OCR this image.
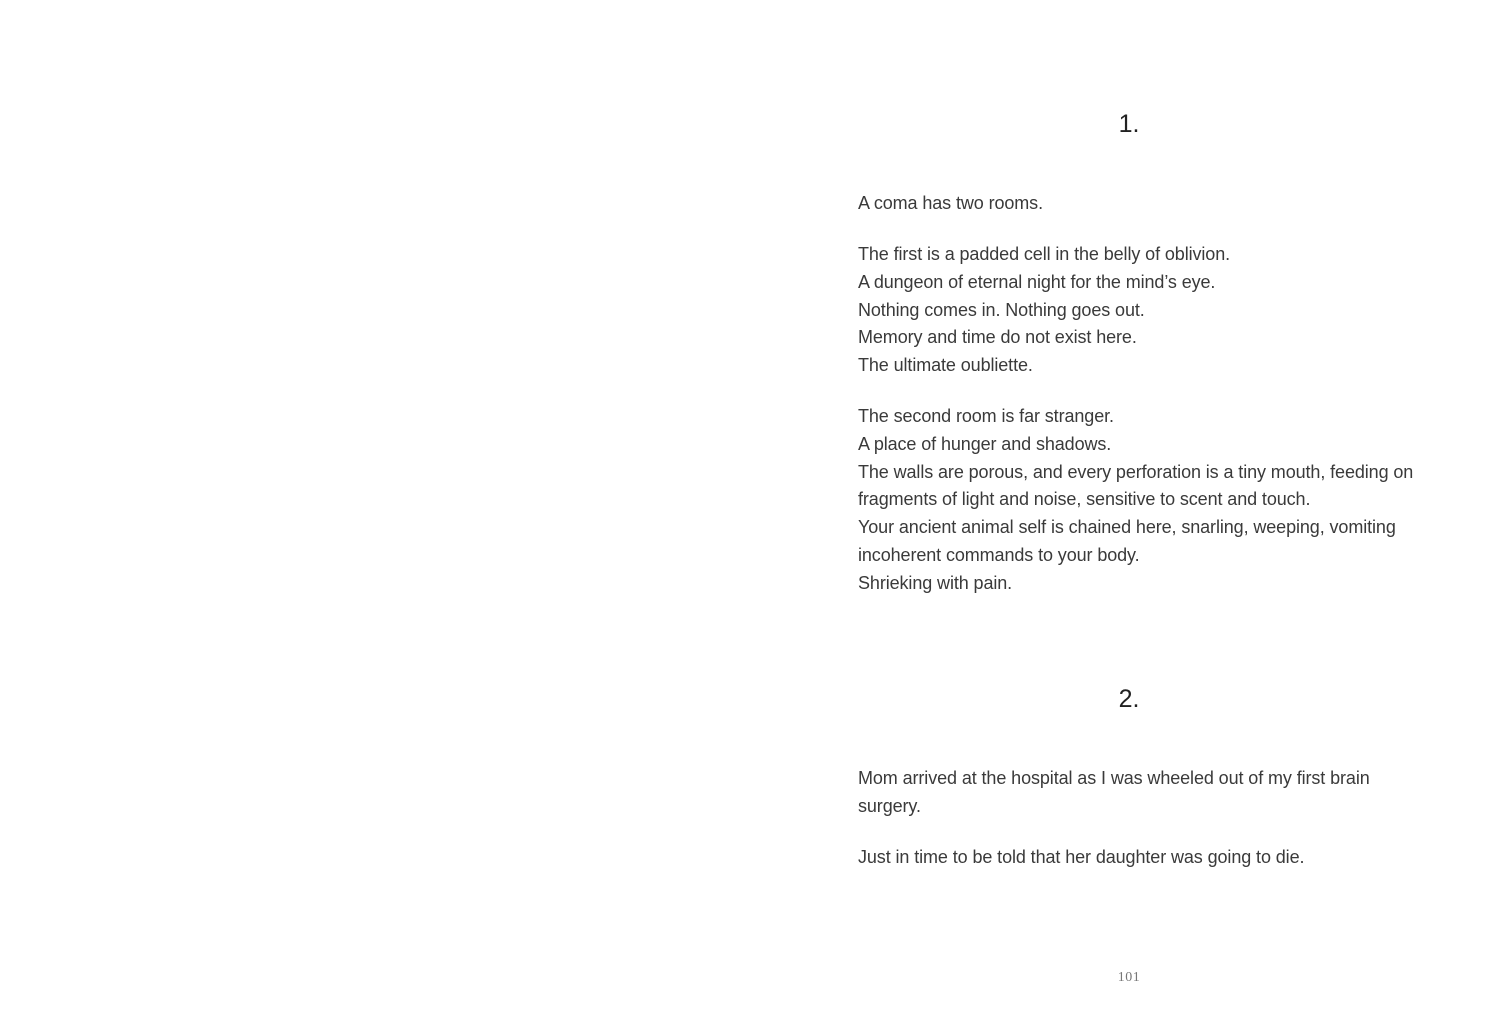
1.
A coma has two rooms.
The first is a padded cell in the belly of oblivion.
A dungeon of eternal night for the mind’s eye.
Nothing comes in. Nothing goes out.
Memory and time do not exist here.
The ultimate oubliette.
The second room is far stranger.
A place of hunger and shadows.
The walls are porous, and every perforation is a tiny mouth, feeding on
fragments of light and noise, sensitive to scent and touch.
Your ancient animal self is chained here, snarling, weeping, vomiting
incoherent commands to your body.
Shrieking with pain.
2.
Mom arrived at the hospital as I was wheeled out of my first brain
surgery.
Just in time to be told that her daughter was going to die.
101
